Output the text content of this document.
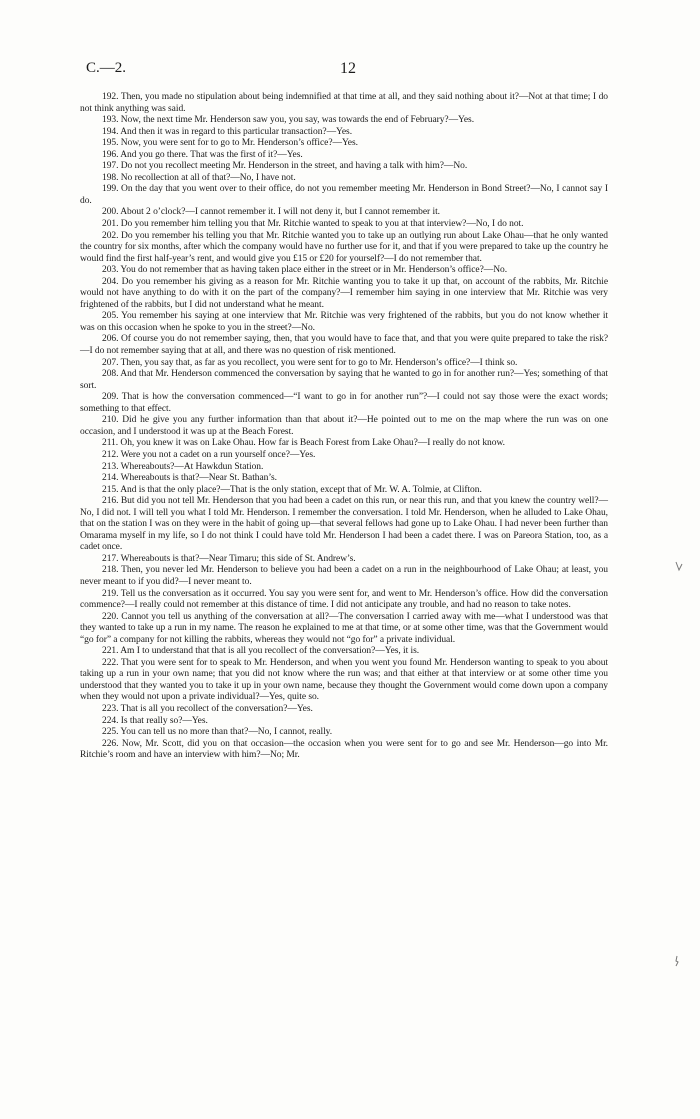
C.—2.	12

192. Then, you made no stipulation about being indemnified at that time at all, and they said nothing about it?—Not at that time; I do not think anything was said.

193. Now, the next time Mr. Henderson saw you, you say, was towards the end of February?—Yes.

194. And then it was in regard to this particular transaction?—Yes.

195. Now, you were sent for to go to Mr. Henderson’s office?—Yes.

196. And you go there. That was the first of it?—Yes.

197. Do not you recollect meeting Mr. Henderson in the street, and having a talk with him?—No.

198. No recollection at all of that?—No, I have not.

199. On the day that you went over to their office, do not you remember meeting Mr. Henderson in Bond Street?—No, I cannot say I do.

200. About 2 o’clock?—I cannot remember it. I will not deny it, but I cannot remember it.

201. Do you remember him telling you that Mr. Ritchie wanted to speak to you at that interview?—No, I do not.

202. Do you remember his telling you that Mr. Ritchie wanted you to take up an outlying run about Lake Ohau—that he only wanted the country for six months, after which the company would have no further use for it, and that if you were prepared to take up the country he would find the first half-year’s rent, and would give you £15 or £20 for yourself?—I do not remember that.

203. You do not remember that as having taken place either in the street or in Mr. Henderson’s office?—No.

204. Do you remember his giving as a reason for Mr. Ritchie wanting you to take it up that, on account of the rabbits, Mr. Ritchie would not have anything to do with it on the part of the company?—I remember him saying in one interview that Mr. Ritchie was very frightened of the rabbits, but I did not understand what he meant.

205. You remember his saying at one interview that Mr. Ritchie was very frightened of the rabbits, but you do not know whether it was on this occasion when he spoke to you in the street?—No.

206. Of course you do not remember saying, then, that you would have to face that, and that you were quite prepared to take the risk?—I do not remember saying that at all, and there was no question of risk mentioned.

207. Then, you say that, as far as you recollect, you were sent for to go to Mr. Henderson’s office?—I think so.

208. And that Mr. Henderson commenced the conversation by saying that he wanted to go in for another run?—Yes; something of that sort.

209. That is how the conversation commenced—“I want to go in for another run”?—I could not say those were the exact words; something to that effect.

210. Did he give you any further information than that about it?—He pointed out to me on the map where the run was on one occasion, and I understood it was up at the Beach Forest.

211. Oh, you knew it was on Lake Ohau. How far is Beach Forest from Lake Ohau?—I really do not know.

212. Were you not a cadet on a run yourself once?—Yes.

213. Whereabouts?—At Hawkdun Station.

214. Whereabouts is that?—Near St. Bathan’s.

215. And is that the only place?—That is the only station, except that of Mr. W. A. Tolmie, at Clifton.

216. But did you not tell Mr. Henderson that you had been a cadet on this run, or near this run, and that you knew the country well?—No, I did not. I will tell you what I told Mr. Henderson. I remember the conversation. I told Mr. Henderson, when he alluded to Lake Ohau, that on the station I was on they were in the habit of going up—that several fellows had gone up to Lake Ohau. I had never been further than Omarama myself in my life, so I do not think I could have told Mr. Henderson I had been a cadet there. I was on Pareora Station, too, as a cadet once.

217. Whereabouts is that?—Near Timaru; this side of St. Andrew’s.

218. Then, you never led Mr. Henderson to believe you had been a cadet on a run in the neighbourhood of Lake Ohau; at least, you never meant to if you did?—I never meant to.

219. Tell us the conversation as it occurred. You say you were sent for, and went to Mr. Henderson’s office. How did the conversation commence?—I really could not remember at this distance of time. I did not anticipate any trouble, and had no reason to take notes.

220. Cannot you tell us anything of the conversation at all?—The conversation I carried away with me—what I understood was that they wanted to take up a run in my name. The reason he explained to me at that time, or at some other time, was that the Government would “go for” a company for not killing the rabbits, whereas they would not “go for” a private individual.

221. Am I to understand that that is all you recollect of the conversation?—Yes, it is.

222. That you were sent for to speak to Mr. Henderson, and when you went you found Mr. Henderson wanting to speak to you about taking up a run in your own name; that you did not know where the run was; and that either at that interview or at some other time you understood that they wanted you to take it up in your own name, because they thought the Government would come down upon a company when they would not upon a private individual?—Yes, quite so.

223. That is all you recollect of the conversation?—Yes.

224. Is that really so?—Yes.

225. You can tell us no more than that?—No, I cannot, really.

226. Now, Mr. Scott, did you on that occasion—the occasion when you were sent for to go and see Mr. Henderson—go into Mr. Ritchie’s room and have an interview with him?—No; Mr.
